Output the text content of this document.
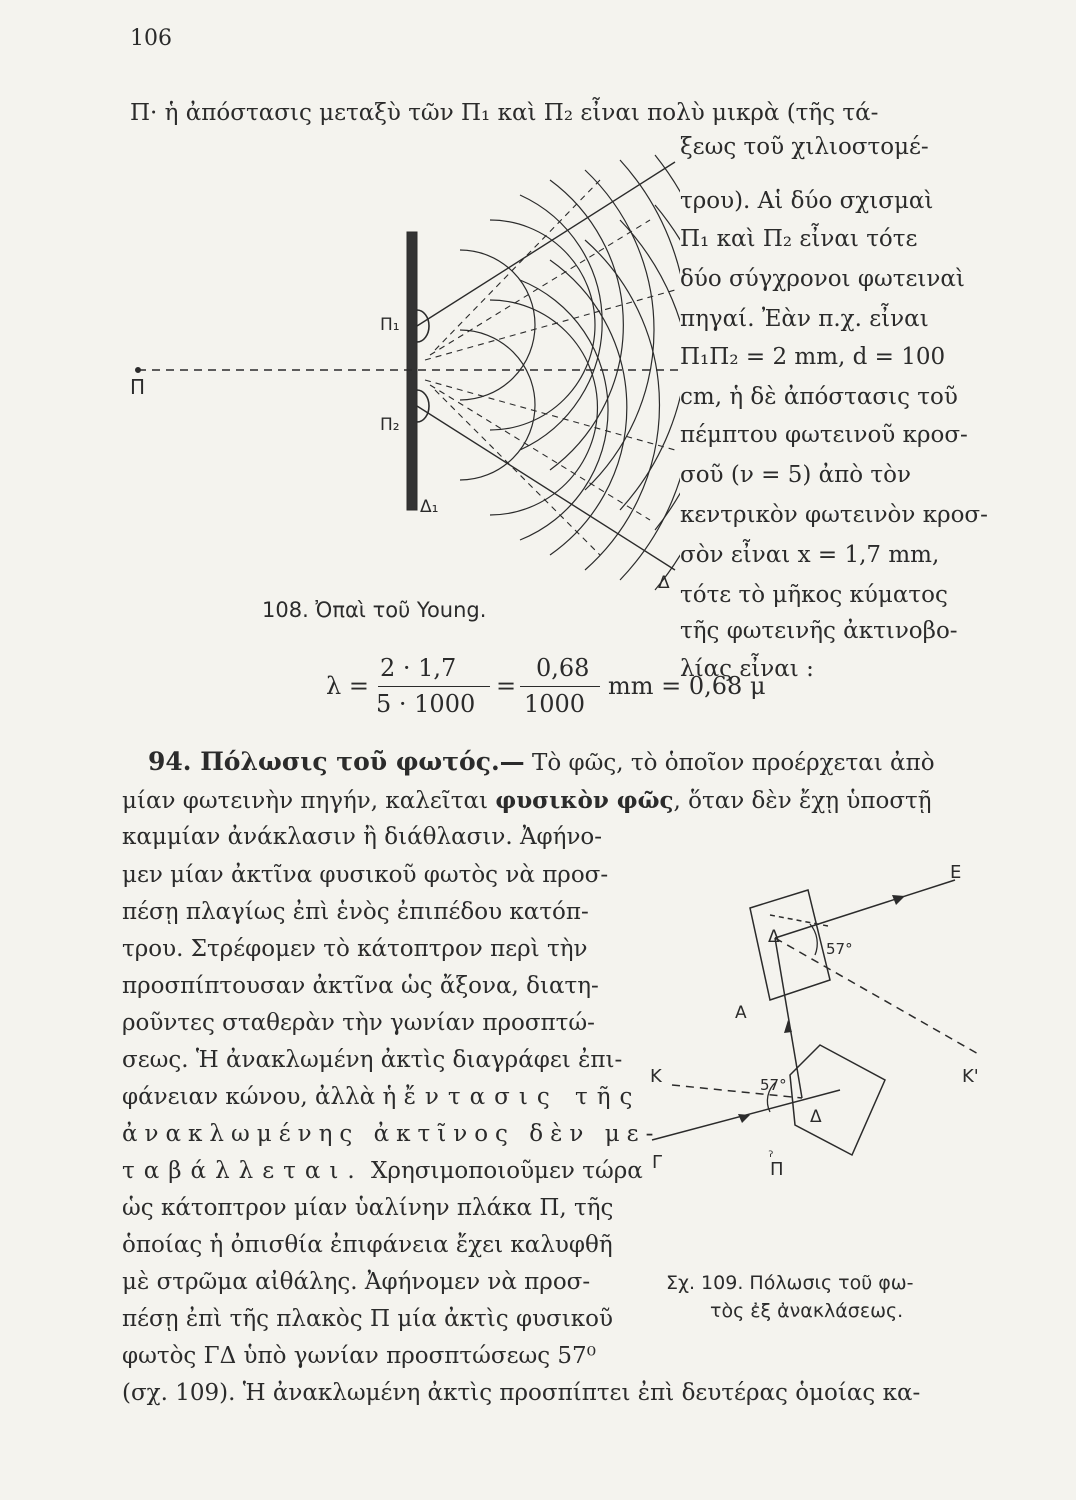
106
Π· ἡ ἀπόστασις μεταξὺ τῶν Π₁ καὶ Π₂ εἶναι πολὺ μικρὰ (τῆς τά-
ξεως τοῦ χιλιοστομέ-
τρου). Αἱ δύο σχισμαὶ
Π₁ καὶ Π₂ εἶναι τότε
δύο σύγχρονοι φωτειναὶ
πηγαί. Ἐὰν π.χ. εἶναι
Π₁Π₂ = 2 mm, d = 100
cm, ἡ δὲ ἀπόστασις τοῦ
πέμπτου φωτεινοῦ κροσ-
σοῦ (ν = 5) ἀπὸ τὸν
κεντρικὸν φωτεινὸν κροσ-
σὸν εἶναι x = 1,7 mm,
τότε τὸ μῆκος κύματος
τῆς φωτεινῆς ἀκτινοβο-
λίας εἶναι :
Π
Π₁
Π₂
Δ₁
Δ
108. Ὀπαὶ τοῦ Young.
λ =
2 · 1,7
5 · 1000
=
0,68
1000
mm = 0,68 μ
94. Πόλωσις τοῦ φωτός.— Τὸ φῶς, τὸ ὁποῖον προέρχεται ἀπὸ
μίαν φωτεινὴν πηγήν, καλεῖται φυσικὸν φῶς, ὅταν δὲν ἔχῃ ὑποστῇ
καμμίαν ἀνάκλασιν ἢ διάθλασιν. Ἀφήνο-
μεν μίαν ἀκτῖνα φυσικοῦ φωτὸς νὰ προσ-
πέσῃ πλαγίως ἐπὶ ἑνὸς ἐπιπέδου κατόπ-
τρου. Στρέφομεν τὸ κάτοπτρον περὶ τὴν
προσπίπτουσαν ἀκτῖνα ὡς ἄξονα, διατη-
ροῦντες σταθερὰν τὴν γωνίαν προσπτώ-
σεως. Ἡ ἀνακλωμένη ἀκτὶς διαγράφει ἐπι-
φάνειαν κώνου, ἀλλὰ ἡ ἔντασις τῆς
ἀνακλωμένης ἀκτῖνος δὲν με-
ταβάλλεται. Χρησιμοποιοῦμεν τώρα
ὡς κάτοπτρον μίαν ὑαλίνην πλάκα Π, τῆς
ὁποίας ἡ ὀπισθία ἐπιφάνεια ἔχει καλυφθῆ
μὲ στρῶμα αἰθάλης. Ἀφήνομεν νὰ προσ-
πέσῃ ἐπὶ τῆς πλακὸς Π μία ἀκτὶς φυσικοῦ
φωτὸς ΓΔ ὑπὸ γωνίαν προσπτώσεως 57⁰
(σχ. 109). Ἡ ἀνακλωμένη ἀκτὶς προσπίπτει ἐπὶ δευτέρας ὁμοίας κα-
E
57°
Δ
A
K	K'
57°
Δ
Γ	ˀ
Π
Σχ. 109. Πόλωσις τοῦ φω-
τὸς ἐξ ἀνακλάσεως.
